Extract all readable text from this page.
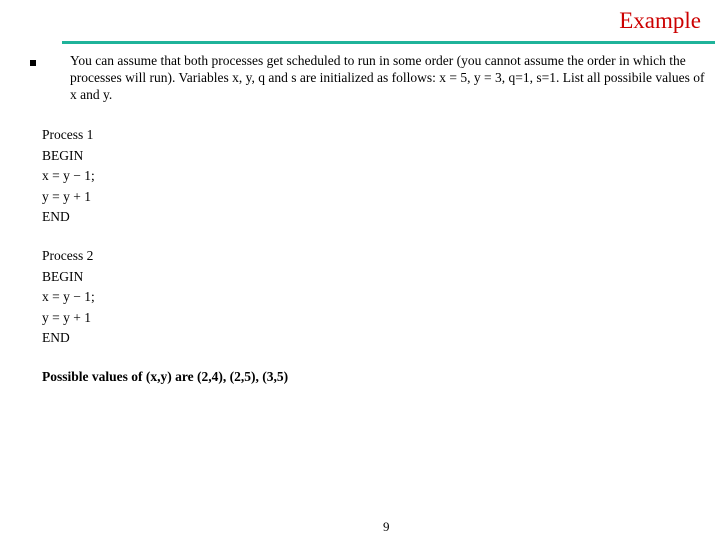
Example
You can assume that both processes get scheduled to run in some order (you cannot assume the order in which the processes will run). Variables x, y, q and s are initialized as follows: x = 5, y = 3, q=1, s=1. List all possibile values of x and y.
Process 1
BEGIN
x = y − 1;
y = y + 1
END
Process 2
BEGIN
x = y − 1;
y = y + 1
END
Possible values of (x,y) are (2,4), (2,5), (3,5)
9
